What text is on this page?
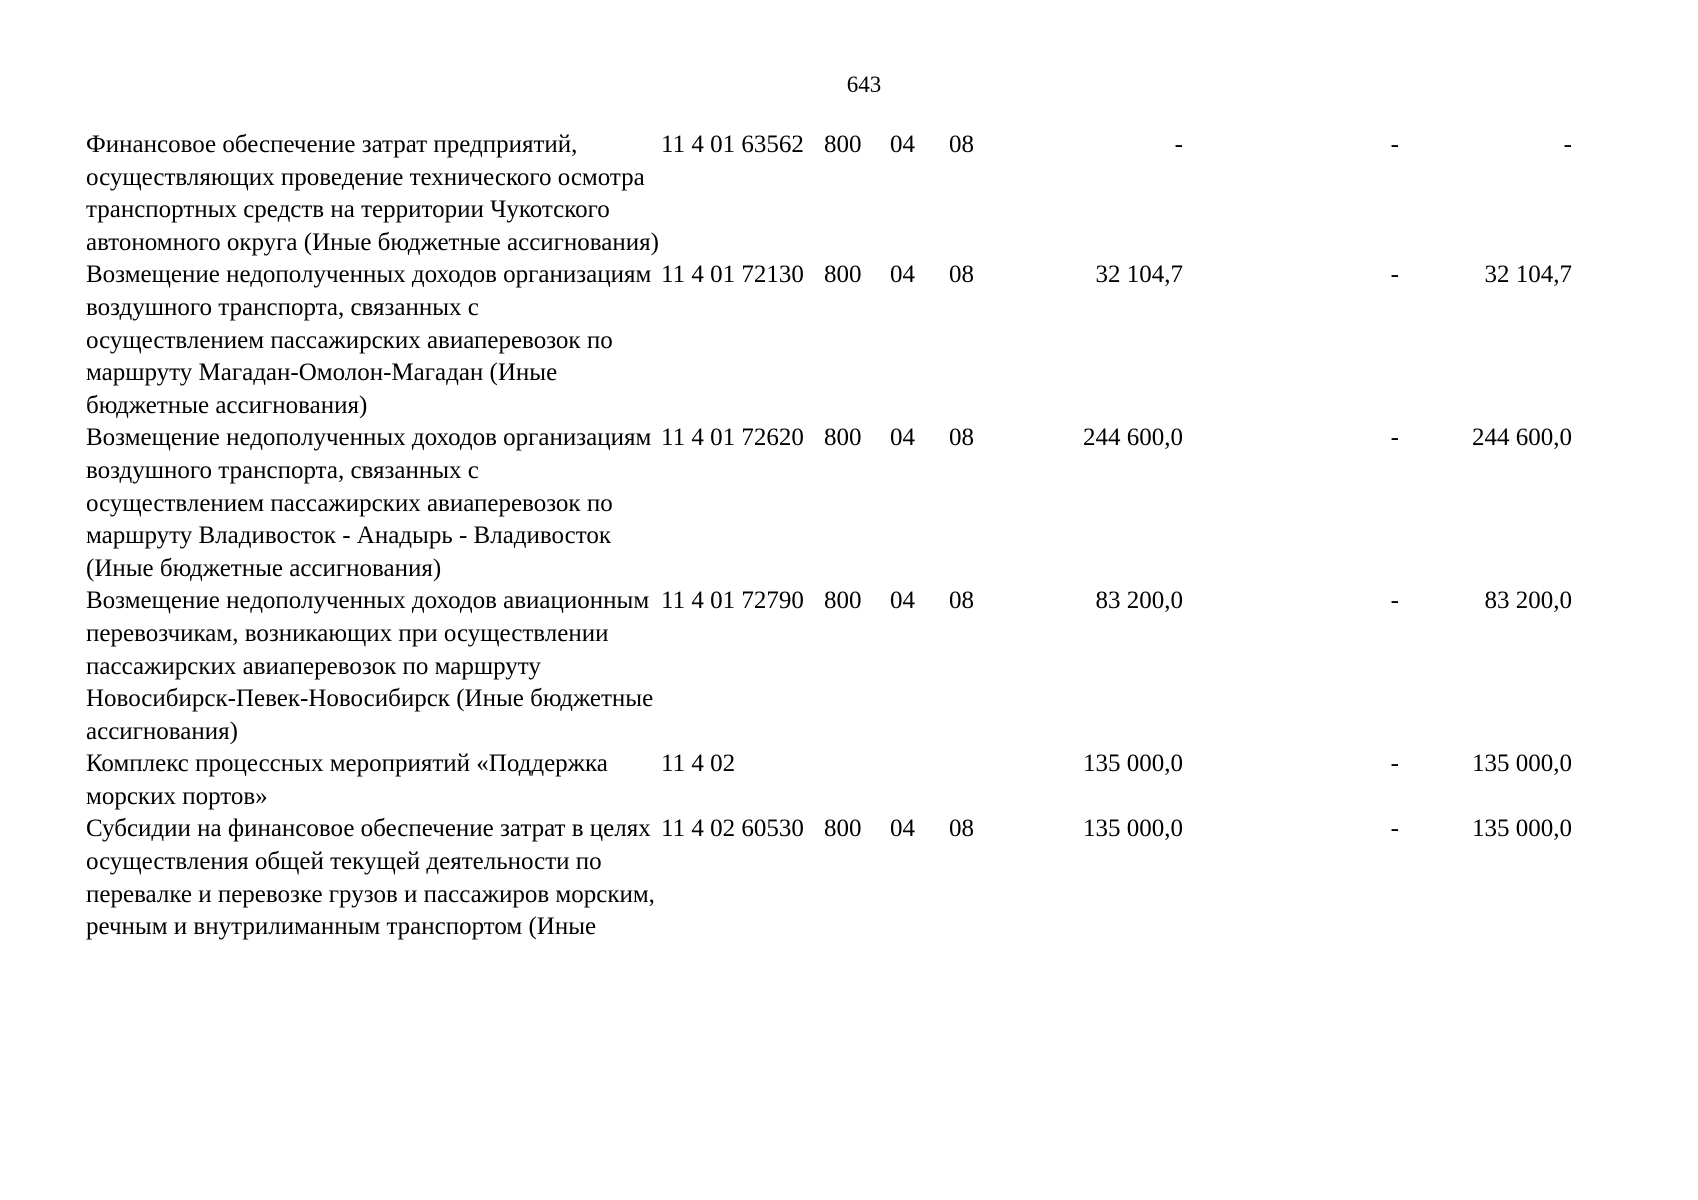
643
Финансовое обеспечение затрат предприятий, осуществляющих проведение технического осмотра транспортных средств на территории Чукотского автономного округа (Иные бюджетные ассигнования)	11 4 01 63562	800	04	08	-	-	-
Возмещение недополученных доходов организациям воздушного транспорта, связанных с осуществлением пассажирских авиаперевозок по маршруту Магадан-Омолон-Магадан (Иные бюджетные ассигнования)	11 4 01 72130	800	04	08	32 104,7	-	32 104,7
Возмещение недополученных доходов организациям воздушного транспорта, связанных с осуществлением пассажирских авиаперевозок по маршруту Владивосток - Анадырь - Владивосток (Иные бюджетные ассигнования)	11 4 01 72620	800	04	08	244 600,0	-	244 600,0
Возмещение недополученных доходов авиационным перевозчикам, возникающих при осуществлении пассажирских авиаперевозок по маршруту Новосибирск-Певек-Новосибирск (Иные бюджетные ассигнования)	11 4 01 72790	800	04	08	83 200,0	-	83 200,0
Комплекс процессных мероприятий «Поддержка морских портов»	11 4 02				135 000,0	-	135 000,0
Субсидии на финансовое обеспечение затрат в целях осуществления общей текущей деятельности по перевалке и перевозке грузов и пассажиров морским, речным и внутрилиманным транспортом (Иные	11 4 02 60530	800	04	08	135 000,0	-	135 000,0
